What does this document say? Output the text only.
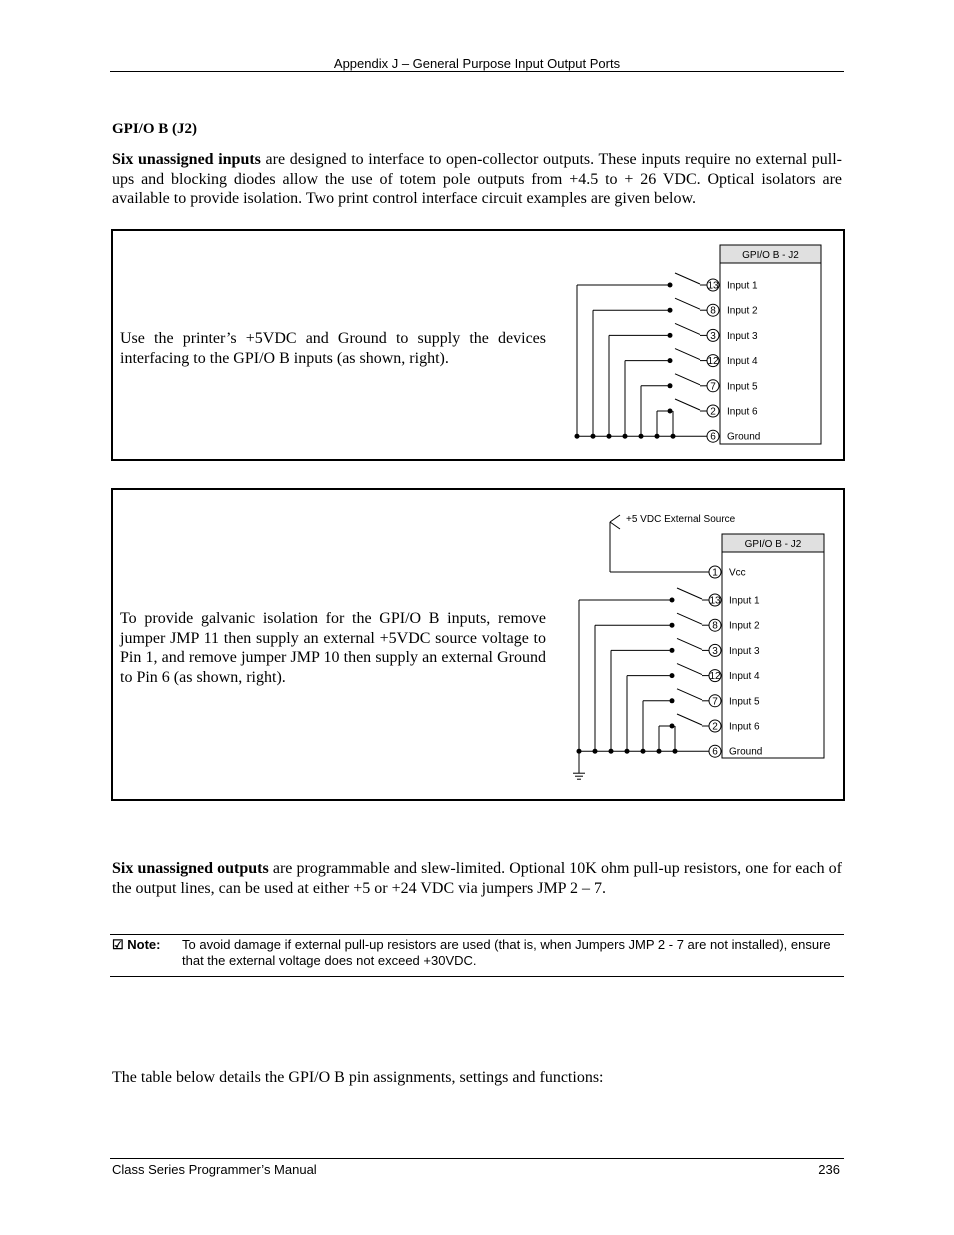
Appendix J – General Purpose Input Output Ports
GPI/O B (J2)
Six unassigned inputs are designed to interface to open-collector outputs. These inputs require no external pull-ups and blocking diodes allow the use of totem pole outputs from +4.5 to + 26 VDC. Optical isolators are available to provide isolation. Two print control interface circuit examples are given below.
Use the printer’s +5VDC and Ground to supply the devices interfacing to the GPI/O B inputs (as shown, right).
GPI/O B - J2
13 Input 1
8 Input 2
3 Input 3
12 Input 4
7 Input 5
2 Input 6
6 Ground
To provide galvanic isolation for the GPI/O B inputs, remove jumper JMP 11 then supply an external +5VDC source voltage to Pin 1, and remove jumper JMP 10 then supply an external Ground to Pin 6 (as shown, right).
GPI/O B - J2
+5 VDC External Source
13 Input 1
8 Input 2
3 Input 3
12 Input 4
7 Input 5
2 Input 6
6 Ground
1 Vcc
Six unassigned outputs are programmable and slew-limited. Optional 10K ohm pull-up resistors, one for each of the output lines, can be used at either +5 or +24 VDC via jumpers JMP 2 – 7.
☑ Note: To avoid damage if external pull-up resistors are used (that is, when Jumpers JMP 2 - 7 are not installed), ensure that the external voltage does not exceed +30VDC.
The table below details the GPI/O B pin assignments, settings and functions:
Class Series Programmer’s Manual	236
